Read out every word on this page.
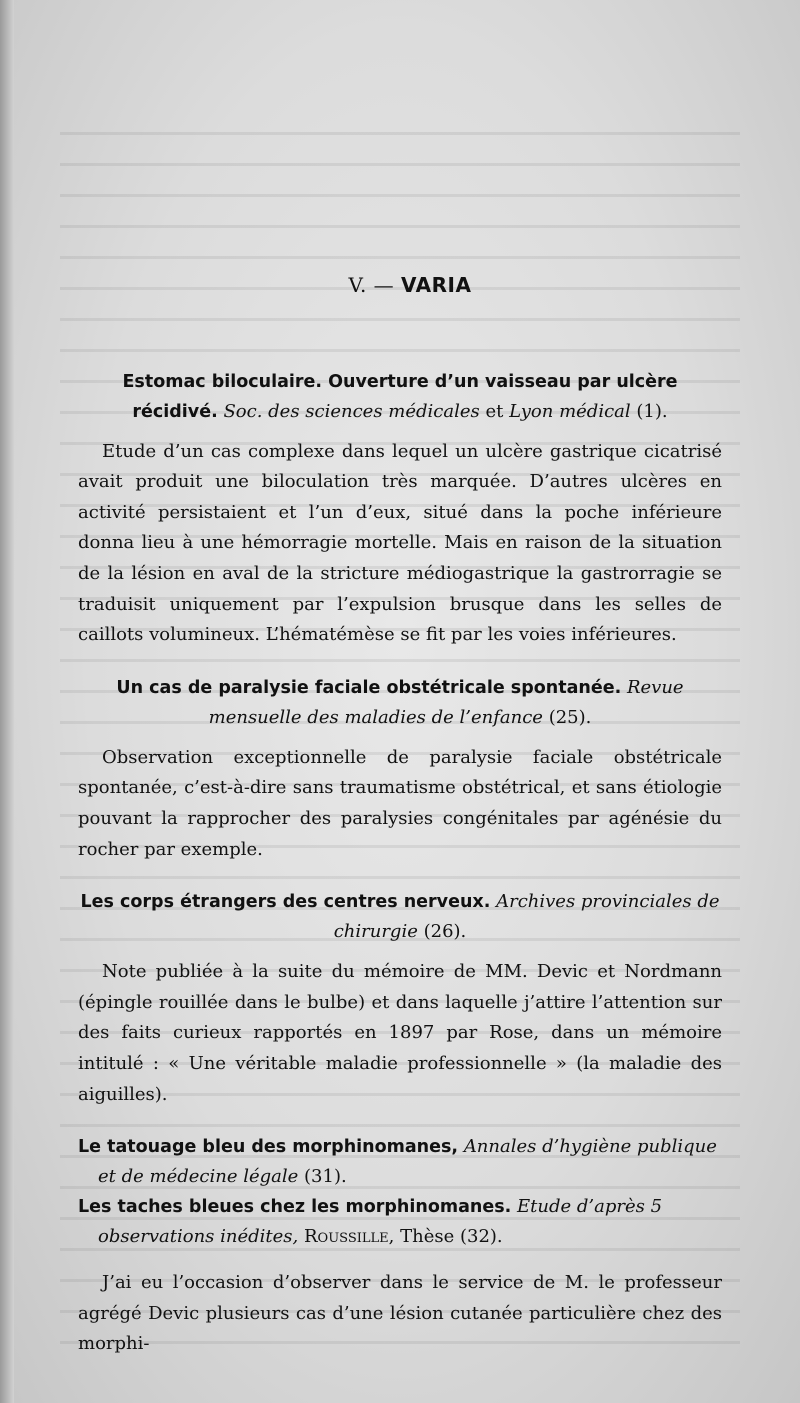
V. — VARIA

Estomac biloculaire. Ouverture d’un vaisseau par ulcère récidivé. Soc. des sciences médicales et Lyon médical (1).

Etude d’un cas complexe dans lequel un ulcère gastrique cicatrisé avait produit une biloculation très marquée. D’autres ulcères en activité persistaient et l’un d’eux, situé dans la poche inférieure donna lieu à une hémorragie mortelle. Mais en raison de la situation de la lésion en aval de la stricture médiogastrique la gastrorragie se traduisit uniquement par l’expulsion brusque dans les selles de caillots volumineux. L’hématémèse se fit par les voies inférieures.

Un cas de paralysie faciale obstétricale spontanée. Revue mensuelle des maladies de l’enfance (25).

Observation exceptionnelle de paralysie faciale obstétricale spontanée, c’est-à-dire sans traumatisme obstétrical, et sans étiologie pouvant la rapprocher des paralysies congénitales par agénésie du rocher par exemple.

Les corps étrangers des centres nerveux. Archives provinciales de chirurgie (26).

Note publiée à la suite du mémoire de MM. Devic et Nordmann (épingle rouillée dans le bulbe) et dans laquelle j’attire l’attention sur des faits curieux rapportés en 1897 par Rose, dans un mémoire intitulé : « Une véritable maladie professionnelle » (la maladie des aiguilles).

Le tatouage bleu des morphinomanes, Annales d’hygiène publique et de médecine légale (31).

Les taches bleues chez les morphinomanes. Etude d’après 5 observations inédites, Roussille, Thèse (32).

J’ai eu l’occasion d’observer dans le service de M. le professeur agrégé Devic plusieurs cas d’une lésion cutanée particulière chez des morphi-
